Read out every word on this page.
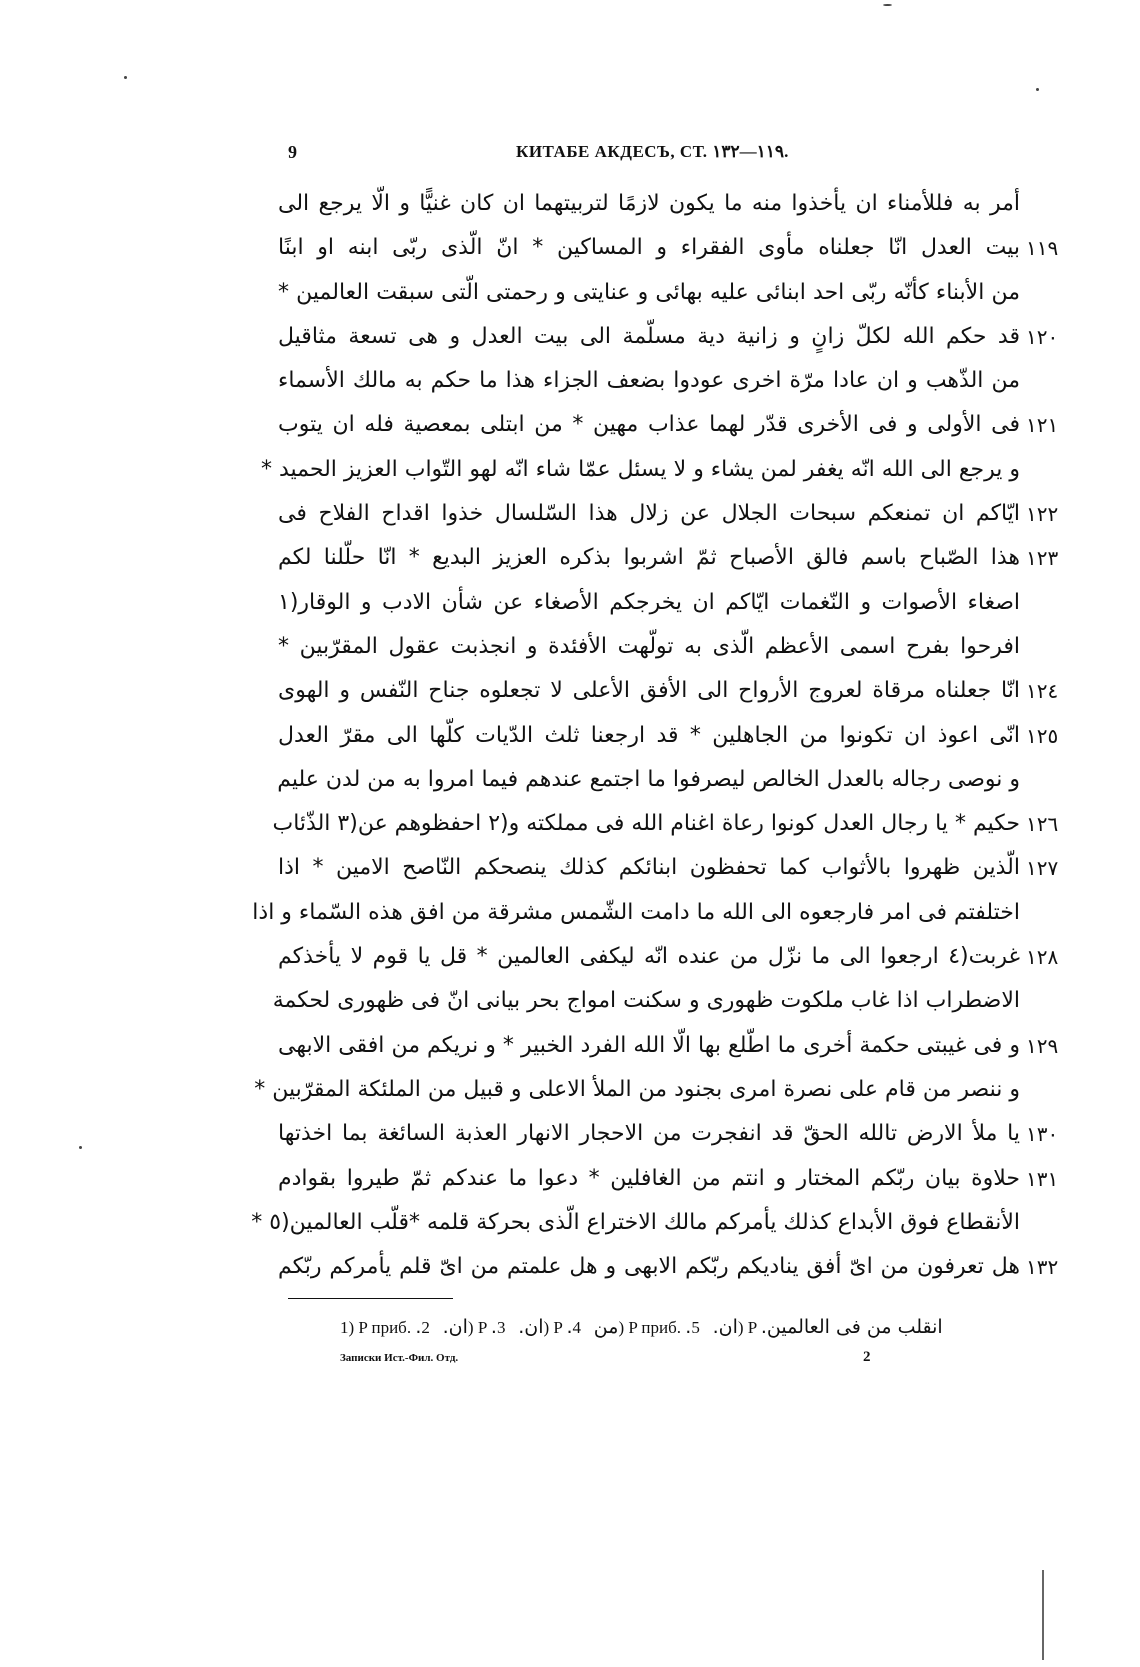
9	КИТАБЕ АКДЕСЪ, СТ. ١١٩—١٣٢.
أمر به فللأمناء ان يأخذوا منه ما يكون لازمًا لتربيتهما ان كان غنيًّا و الّا يرجع الى
بيت العدل انّا جعلناه مأوى الفقراء و المساكين * انّ الّذى ربّى ابنه او ابنًا ١١٩
من الأبناء كأنّه ربّى احد ابنائى عليه بهائى و عنايتى و رحمتى الّتى سبقت العالمين *
قد حكم الله لكلّ زانٍ و زانية دية مسلّمة الى بيت العدل و هى تسعة مثاقيل ١٢٠
من الذّهب و ان عادا مرّة اخرى عودوا بضعف الجزاء هذا ما حكم به مالك الأسماء
فى الأولى و فى الأخرى قدّر لهما عذاب مهين * من ابتلى بمعصية فله ان يتوب ١٢١
و يرجع الى الله انّه يغفر لمن يشاء و لا يسئل عمّا شاء انّه لهو التّواب العزيز الحميد *
ايّاكم ان تمنعكم سبحات الجلال عن زلال هذا السّلسال خذوا اقداح الفلاح فى ١٢٢
هذا الصّباح باسم فالق الأصباح ثمّ اشربوا بذكره العزيز البديع * انّا حلّلنا لكم ١٢٣
اصغاء الأصوات و النّغمات ايّاكم ان يخرجكم الأصغاء عن شأن الادب و الوقار(١
افرحوا بفرح اسمى الأعظم الّذى به تولّهت الأفئدة و انجذبت عقول المقرّبين *
انّا جعلناه مرقاة لعروج الأرواح الى الأفق الأعلى لا تجعلوه جناح النّفس و الهوى ١٢٤
انّى اعوذ ان تكونوا من الجاهلين * قد ارجعنا ثلث الدّيات كلّها الى مقرّ العدل ١٢٥
و نوصى رجاله بالعدل الخالص ليصرفوا ما اجتمع عندهم فيما امروا به من لدن عليم
حكيم * يا رجال العدل كونوا رعاة اغنام الله فى مملكته و(٢ احفظوهم عن(٣ الذّئاب ١٢٦
الّذين ظهروا بالأثواب كما تحفظون ابنائكم كذلك ينصحكم النّاصح الامين * اذا ١٢٧
اختلفتم فى امر فارجعوه الى الله ما دامت الشّمس مشرقة من افق هذه السّماء و اذا
غربت(٤ ارجعوا الى ما نزّل من عنده انّه ليكفى العالمين * قل يا قوم لا يأخذكم ١٢٨
الاضطراب اذا غاب ملكوت ظهورى و سكنت امواج بحر بيانى انّ فى ظهورى لحكمة
و فى غيبتى حكمة أخرى ما اطّلع بها الّا الله الفرد الخبير * و نريكم من افقى الابهى ١٢٩
و ننصر من قام على نصرة امرى بجنود من الملأ الاعلى و قبيل من الملئكة المقرّبين *
يا ملأ الارض تالله الحقّ قد انفجرت من الاحجار الانهار العذبة السائغة بما اخذتها ١٣٠
حلاوة بيان ربّكم المختار و انتم من الغافلين * دعوا ما عندكم ثمّ طيروا بقوادم ١٣١
الأنقطاع فوق الأبداع كذلك يأمركم مالك الاختراع الّذى بحركة قلمه *قلّب العالمين(٥ *
هل تعرفون من اىّ أفق يناديكم ربّكم الابهى و هل علمتم من اىّ قلم يأمركم ربّكم ١٣٢
1) P приб. .ان.   2) P .ان.   3) P .من   4) P приб. .ان.   5) P .انقلب من فى العالمين
Записки Ист.-Фил. Отд.	2
